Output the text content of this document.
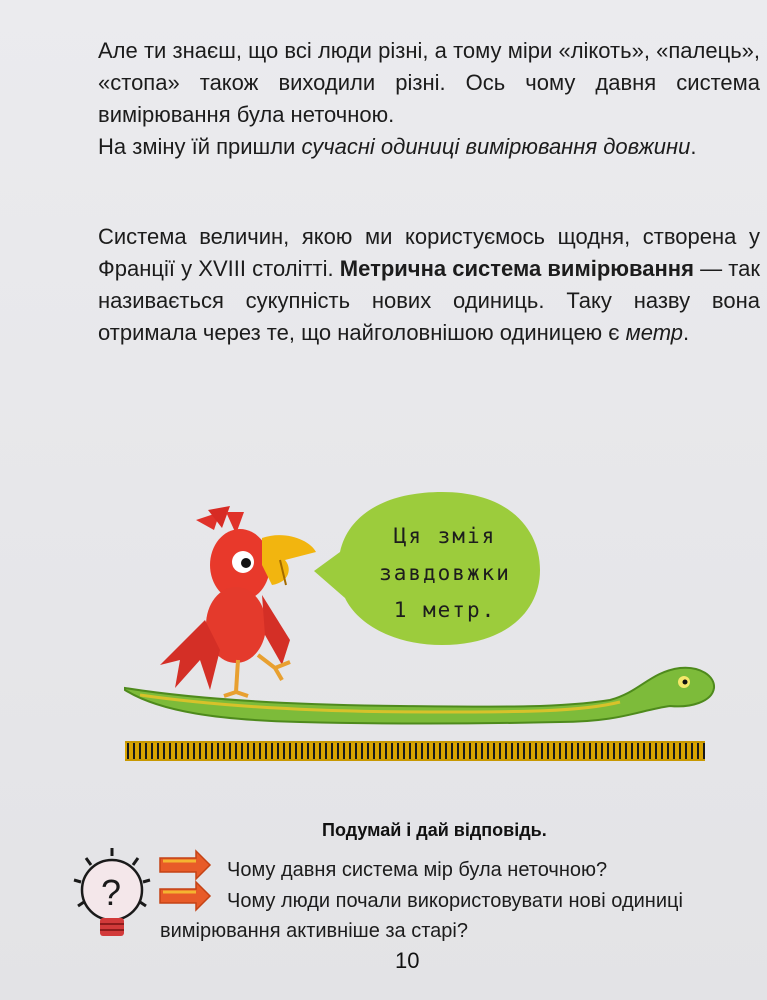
Але ти знаєш, що всі люди різні, а тому міри «лікоть», «палець», «стопа» також виходили різні. Ось чому давня система вимірювання була неточною.

На зміну їй пришли сучасні одиниці вимірювання довжини.

Система величин, якою ми користуємось щодня, створена у Франції у XVIII столітті. Метрична система вимірювання — так називається сукупність нових одиниць. Таку назву вона отримала через те, що найголовнішою одиницею є метр.

?
Ця змія
завдовжки
1 метр.
Подумай і дай відповідь.
Чому давня система мір була неточною?
Чому люди почали використовувати нові одиниці
вимірювання активніше за старі?
10
